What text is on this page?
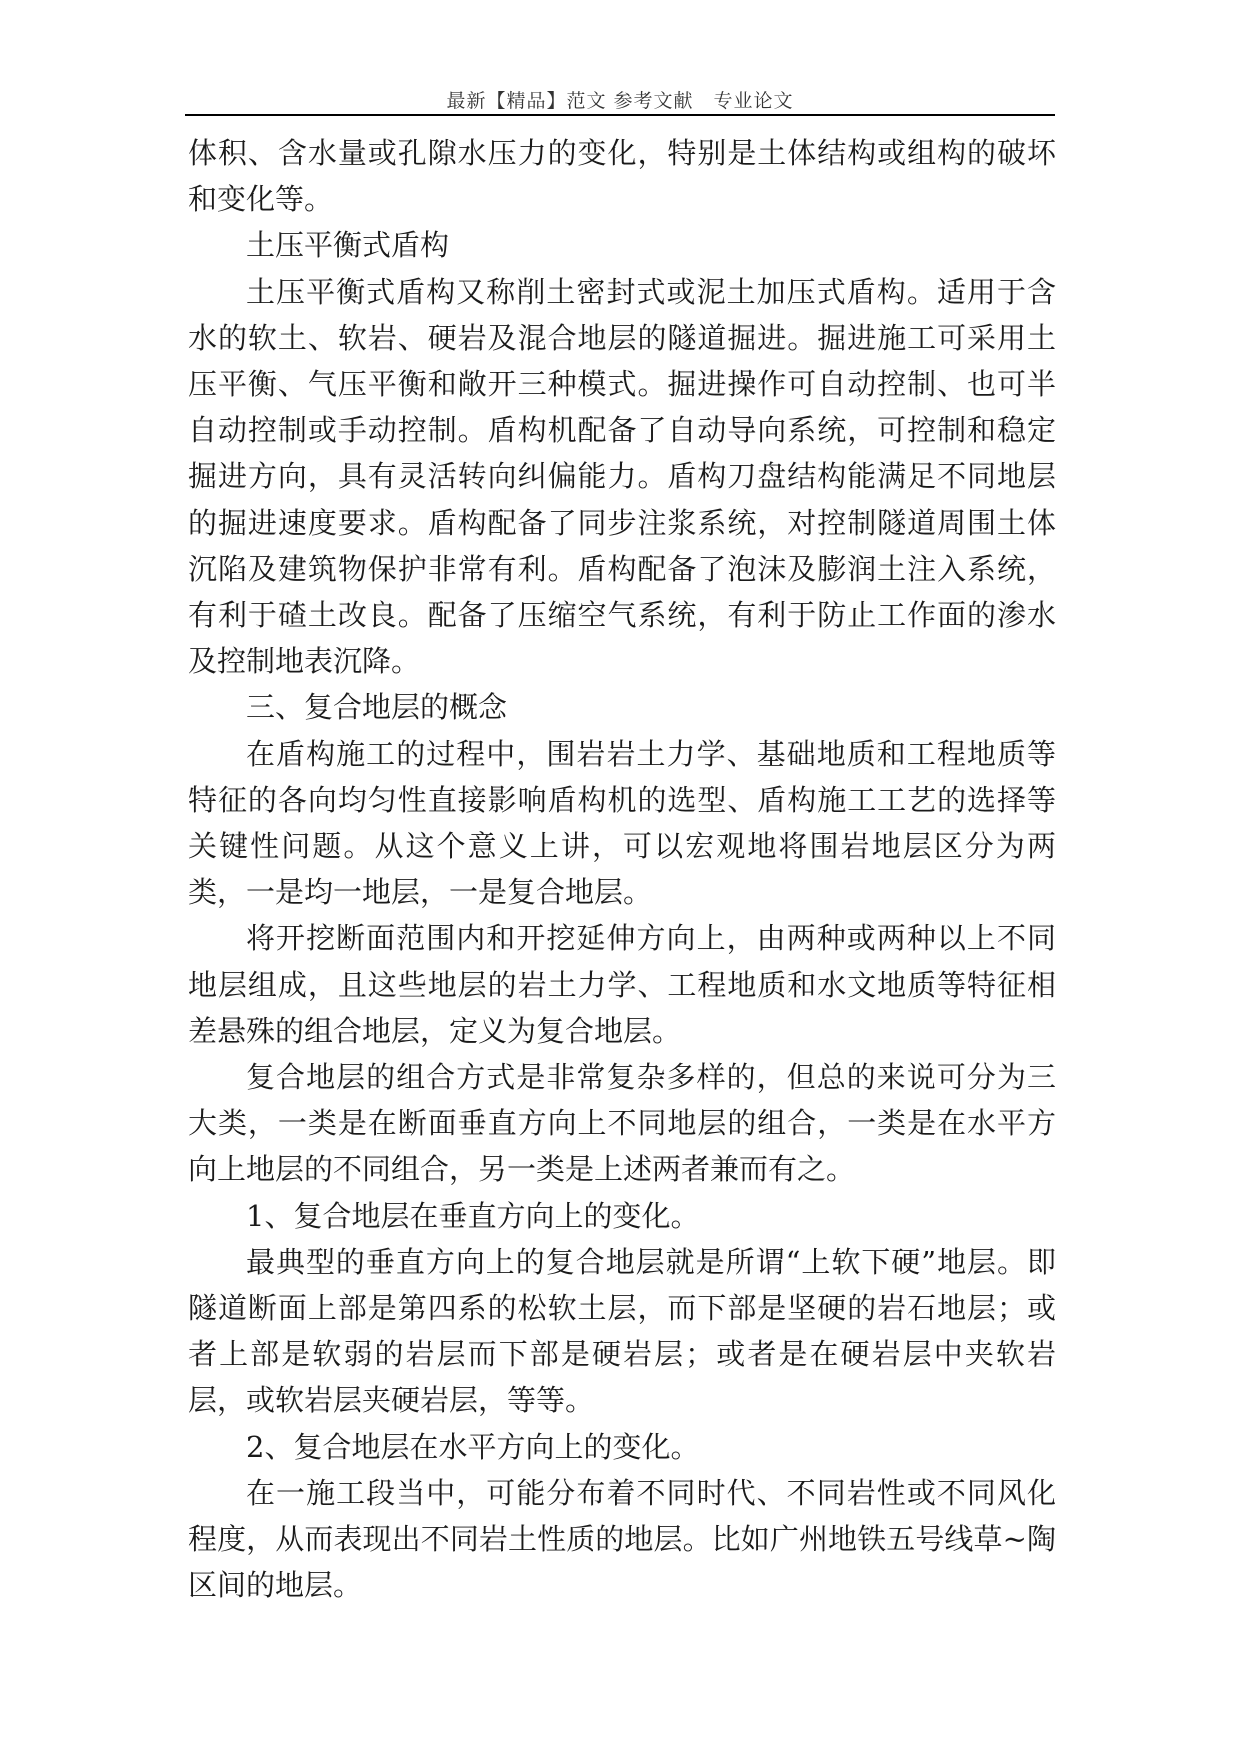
最新【精品】范文 参考文献　专业论文

体积、含水量或孔隙水压力的变化，特别是土体结构或组构的破坏和变化等。

土压平衡式盾构

土压平衡式盾构又称削土密封式或泥土加压式盾构。适用于含水的软土、软岩、硬岩及混合地层的隧道掘进。掘进施工可采用土压平衡、气压平衡和敞开三种模式。掘进操作可自动控制、也可半自动控制或手动控制。盾构机配备了自动导向系统，可控制和稳定掘进方向，具有灵活转向纠偏能力。盾构刀盘结构能满足不同地层的掘进速度要求。盾构配备了同步注浆系统，对控制隧道周围土体沉陷及建筑物保护非常有利。盾构配备了泡沫及膨润土注入系统，有利于碴土改良。配备了压缩空气系统，有利于防止工作面的渗水及控制地表沉降。

三、复合地层的概念

在盾构施工的过程中，围岩岩土力学、基础地质和工程地质等特征的各向均匀性直接影响盾构机的选型、盾构施工工艺的选择等关键性问题。从这个意义上讲，可以宏观地将围岩地层区分为两类，一是均一地层，一是复合地层。

将开挖断面范围内和开挖延伸方向上，由两种或两种以上不同地层组成，且这些地层的岩土力学、工程地质和水文地质等特征相差悬殊的组合地层，定义为复合地层。

复合地层的组合方式是非常复杂多样的，但总的来说可分为三大类，一类是在断面垂直方向上不同地层的组合，一类是在水平方向上地层的不同组合，另一类是上述两者兼而有之。

1、复合地层在垂直方向上的变化。

最典型的垂直方向上的复合地层就是所谓“上软下硬”地层。即隧道断面上部是第四系的松软土层，而下部是坚硬的岩石地层；或者上部是软弱的岩层而下部是硬岩层；或者是在硬岩层中夹软岩层，或软岩层夹硬岩层，等等。

2、复合地层在水平方向上的变化。

在一施工段当中，可能分布着不同时代、不同岩性或不同风化程度，从而表现出不同岩土性质的地层。比如广州地铁五号线草~陶区间的地层。
